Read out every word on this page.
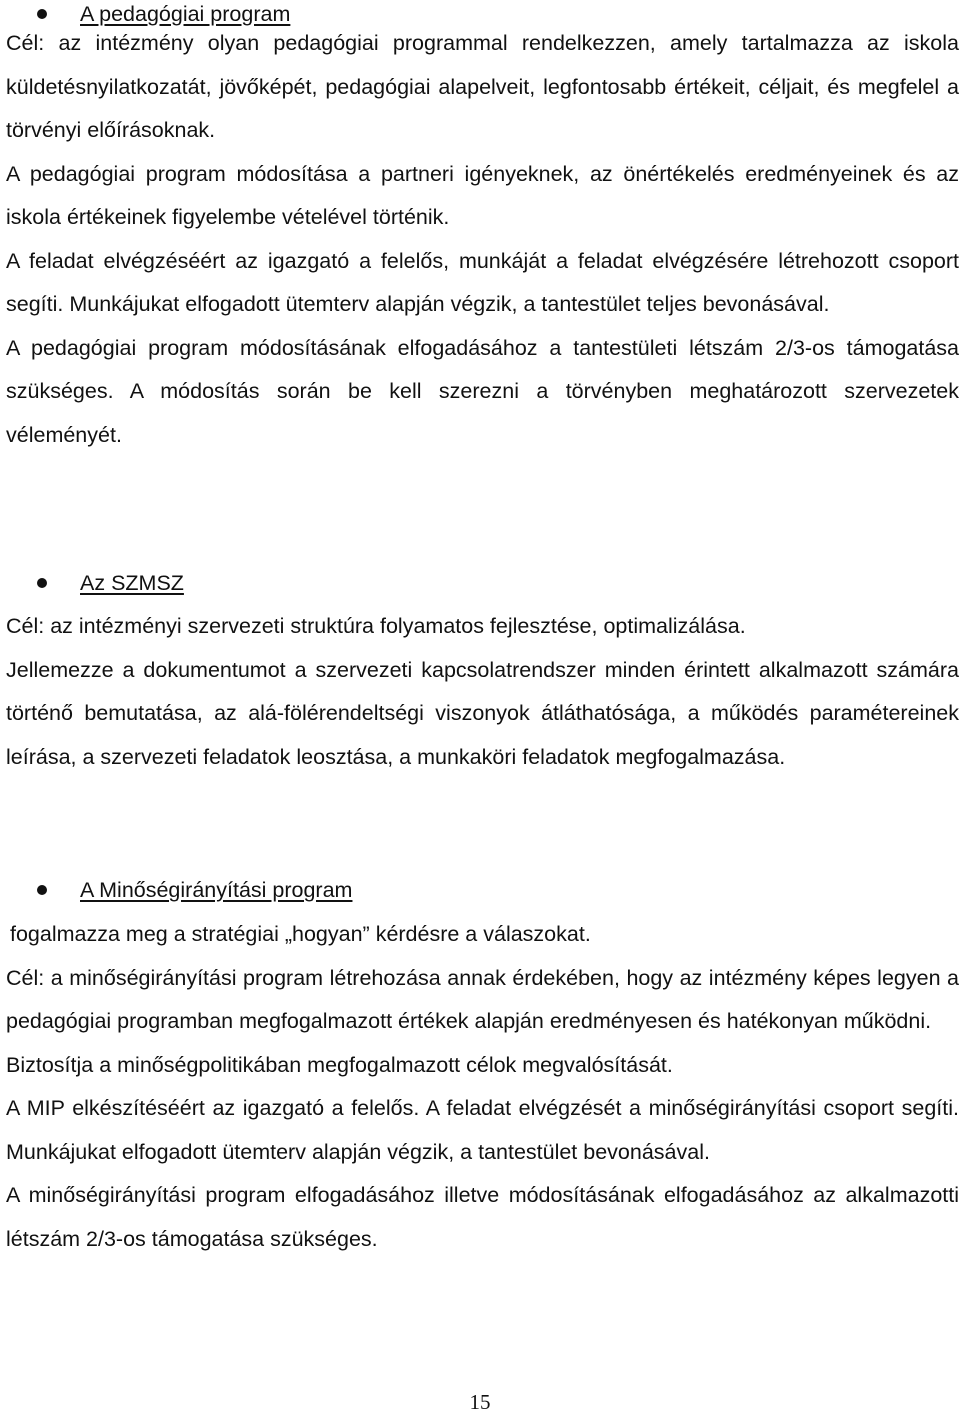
A pedagógiai program

Cél: az intézmény olyan pedagógiai programmal rendelkezzen, amely tartalmazza az iskola küldetésnyilatkozatát, jövőképét, pedagógiai alapelveit, legfontosabb értékeit, céljait, és megfelel a törvényi előírásoknak.

A pedagógiai program módosítása a partneri igényeknek, az önértékelés eredményeinek és az iskola értékeinek figyelembe vételével történik.

A feladat elvégzéséért az igazgató a felelős, munkáját a feladat elvégzésére létrehozott csoport segíti. Munkájukat elfogadott ütemterv alapján végzik, a tantestület teljes bevonásával.

A pedagógiai program módosításának elfogadásához a tantestületi létszám 2/3-os támogatása szükséges. A módosítás során be kell szerezni a törvényben meghatározott szervezetek véleményét.

Az SZMSZ

Cél: az intézményi szervezeti struktúra folyamatos fejlesztése, optimalizálása.

Jellemezze a dokumentumot a szervezeti kapcsolatrendszer minden érintett alkalmazott számára történő bemutatása, az alá-fölérendeltségi viszonyok átláthatósága, a működés paramétereinek leírása, a szervezeti feladatok leosztása, a munkaköri feladatok megfogalmazása.

A Minőségirányítási program

fogalmazza meg a stratégiai „hogyan” kérdésre a válaszokat.

Cél: a minőségirányítási program létrehozása annak érdekében, hogy az intézmény képes legyen a pedagógiai programban megfogalmazott értékek alapján eredményesen és hatékonyan működni.

Biztosítja a minőségpolitikában megfogalmazott célok megvalósítását.

A MIP elkészítéséért az igazgató a felelős. A feladat elvégzését a minőségirányítási csoport segíti. Munkájukat elfogadott ütemterv alapján végzik, a tantestület bevonásával.

A minőségirányítási program elfogadásához illetve módosításának elfogadásához az alkalmazotti létszám 2/3-os támogatása szükséges.

15
